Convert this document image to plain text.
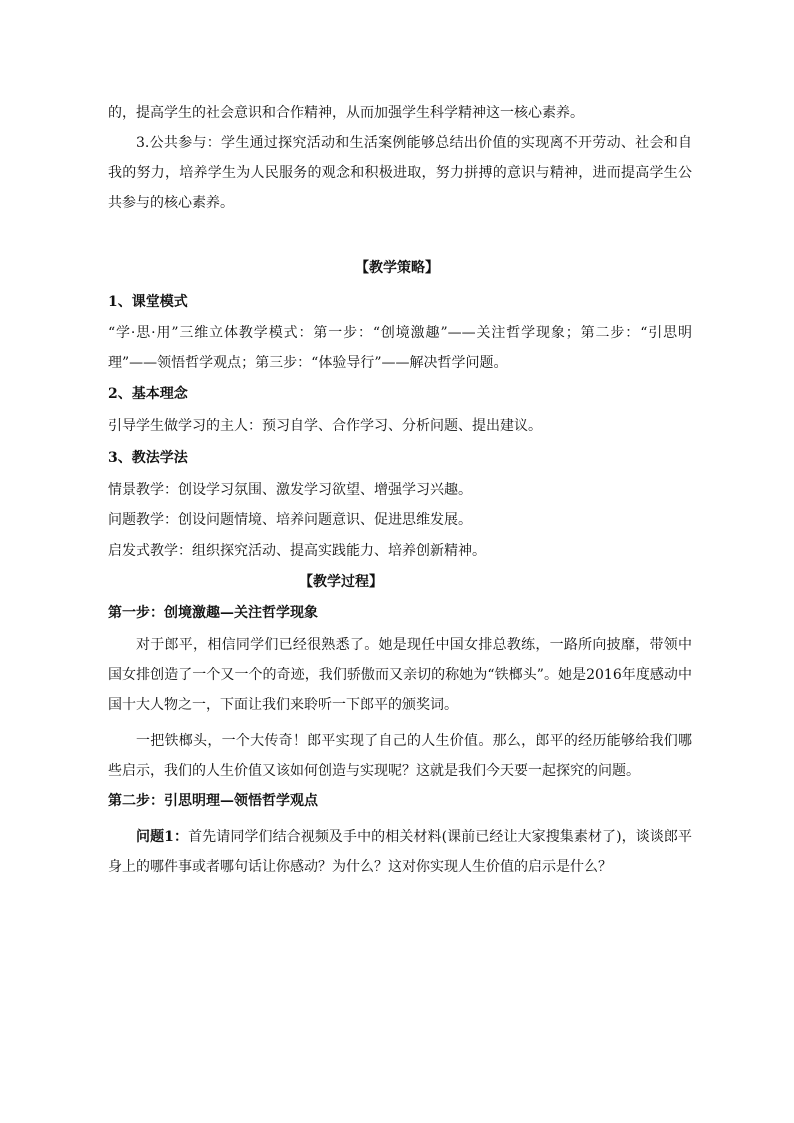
的，提高学生的社会意识和合作精神，从而加强学生科学精神这一核心素养。

3.公共参与：学生通过探究活动和生活案例能够总结出价值的实现离不开劳动、社会和自我的努力，培养学生为人民服务的观念和积极进取，努力拼搏的意识与精神，进而提高学生公共参与的核心素养。

【教学策略】

1、课堂模式

“学·思·用”三维立体教学模式：第一步：“创境激趣”——关注哲学现象；第二步：“引思明理”——领悟哲学观点；第三步：“体验导行”——解决哲学问题。

2、基本理念

引导学生做学习的主人：预习自学、合作学习、分析问题、提出建议。

3、教法学法

情景教学：创设学习氛围、激发学习欲望、增强学习兴趣。

问题教学：创设问题情境、培养问题意识、促进思维发展。

启发式教学：组织探究活动、提高实践能力、培养创新精神。

【教学过程】

第一步：创境激趣—关注哲学现象

对于郎平，相信同学们已经很熟悉了。她是现任中国女排总教练，一路所向披靡，带领中国女排创造了一个又一个的奇迹，我们骄傲而又亲切的称她为“铁榔头”。她是2016年度感动中国十大人物之一，下面让我们来聆听一下郎平的颁奖词。

一把铁榔头，一个大传奇！郎平实现了自己的人生价值。那么，郎平的经历能够给我们哪些启示，我们的人生价值又该如何创造与实现呢？这就是我们今天要一起探究的问题。

第二步：引思明理—领悟哲学观点

问题1：首先请同学们结合视频及手中的相关材料(课前已经让大家搜集素材了)，谈谈郎平身上的哪件事或者哪句话让你感动？为什么？这对你实现人生价值的启示是什么？
